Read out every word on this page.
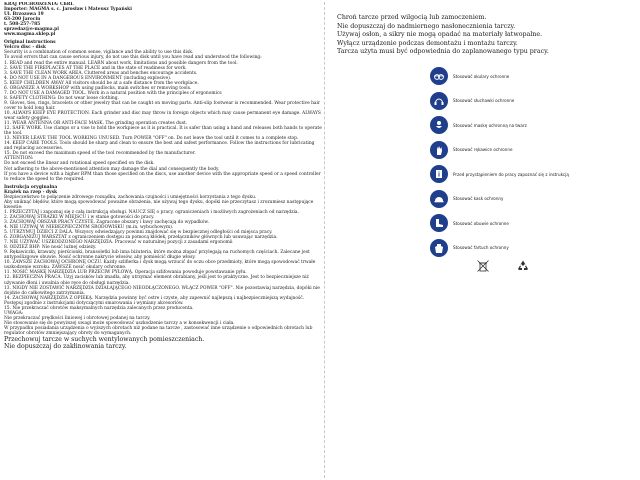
KRAJ POCHODZENIA: ChRL

Importer: MAGMA s. c. Jarosław i Mateusz Typański

Ul. Brzozowa 19

63-200 Jarocin

t. 508-257-785

sprzedaz@e-magma.pl

www.magma.sklep.pl

Original instructions

Velcro disc - disk

Security is a combination of common sense, vigilance and the ability to use this disk.

To avoid errors that can cause serious injury, do not use this disk until you have read and understood the following:

1. READ and read the entire manual. LEARN about work, limitations and possible dangers from the tool.

2. SAVE THE FIREPLACES AT THE PLACE and in the state of readiness for work.

3. SAVE THE CLEAN WORK AREA. Cluttered areas and benches encourage accidents.

4. DO NOT USE IN A DANGEROUS ENVIRONMENT (including explosive).

5. KEEP CHILDREN AWAY All visitors should be at a safe distance from the workplace.

6. ORGANIZE A WORKSHOP with using padlocks, main switches or removing tools.

7. DO NOT USE A DAMAGED TOOL. Work in a natural position with the principles of ergonomics

8. SAFETY CLOTHING: Do not wear loose clothing.

9. Gloves, ties, rings, bracelets or other jewelry that can be caught on moving parts. Anti-slip footwear is recommended. Wear protective hair cover to hold long hair.

10. ALWAYS KEEP EYE PROTECTION. Each grinder and disc may throw in foreign objects which may cause permanent eye damage. ALWAYS wear safety goggles.

11. WEAR ANTENNA OR ANTI-FACE MASK. The grinding operation creates dust.

12. SAFE WORK. Use clamps or a vise to hold the workpiece as it is practical. It is safer than using a hand and releases both hands to operate the tool.

13. NEVER LEAVE THE TOOL WORKING UNUSED. Turn POWER "OFF" on. Do not leave the tool until it comes to a complete stop.

14. KEEP CARE TOOLS. Tools should be sharp and clean to ensure the best and safest performance. Follow the instructions for lubricating and replacing accessories.

15. Do not exceed the maximum speed of the tool recommended by the manufacturer.

ATTENTION:

Do not exceed the linear and rotational speed specified on the disk.

Not adhering to the above-mentioned attention may damage the dial and consequently the body.

If you have a device with a higher RPM than those specified on the discs, use another device with the appropriate speed or a speed controller to reduce the speed to the required.

Instrukcja oryginalna

Krążek na rzep - dysk

Bezpieczeństwo to połączenie zdrowego rozsądku, zachowania czujności i umiejętności korzystania z tego dysku.

Aby uniknąć błędów, które mogą spowodować poważne obrażenia, nie używaj tego dysku, dopóki nie przeczytasz i zrozumiesz następujące kwestie:

1. PRZECZYTAJ i zapoznaj się z całą instrukcją obsługi. NAUCZ SIĘ o pracy, ograniczeniach i możliwych zagrożeniach od narzędzia.

2. ZACHOWAJ STRAŻKI W MIEJSCU i w stanie gotowości do pracy.

3. ZACHOWAJ OBSZAR PRACY CZYSTE. Zagracone obszary i ławy zachęcają do wypadków.

4. NIE UŻYWAJ W NIEBEZPIECZNYM ŚRODOWISKU (m.in. wybuchowym).

5. UTRZYMUJ DZIECI Z DALA. Wszyscy odwiedzający powinni znajdować się w bezpiecznej odległości od miejsca pracy.

6. ZORGANIZUJ WARSZTAT z ograniczeniem dostępu za pomocą kłódek, przełączników głównych lub usuwając narzędzia.

7. NIE UŻYWAĆ USZKODZONEGO NARZĘDZIA. Pracować w naturalnej pozycji z zasadami ergonomii

8. ODZIEŻ BHP: Nie nosić luźnej odzieży.

9. Rękawiczki, krawaty, pierścionki, bransoletki lub inna biżuteria, które można złapać przylegają na ruchomych częściach. Zalecane jest antypoślizgowe obuwie. Nosić ochronne nakrycie włosów, aby pomieścić długie włosy.

10. ZAWSZE ZACHOWAJ OCHRONĘ OCZU. Każdy szlifierka i dysk mogą wrzucić do oczu obce przedmioty, które mogą spowodować trwałe uszkodzenie wzroku. ZAWSZE nosić okulary ochronne.

11. NOSIĆ MASKĘ NARZĘDZIA LUB PRZECIW PYŁOWĄ. Operacja szlifowania powoduje powstawanie pyłu.

12. BEZPIECZNA PRACA. Użyj zacisków lub imadła, aby utrzymać element obrabiany, jeśli jest to praktyczne. Jest to bezpieczniejsze niż używanie dłoni i uwalnia obie ręce do obsługi narzędzia.

13. NIGDY NIE ZOSTAWIĆ NARZĘDZIA DZIAŁAJĄCEGO NIEODŁĄCZONEGO. WŁĄCZ POWER "OFF". Nie pozostawiaj narzędzia, dopóki nie dojdzie do całkowitego zatrzymania.

14. ZACHOWAJ NARZĘDZIA Z OPIEKĄ. Narzędzia powinny być ostre i czyste, aby zapewnić najlepszą i najbezpieczniejszą wydajność. Postępuj zgodnie z instrukcjami dotyczącymi smarowania i wymiany akcesoriów.

15. Nie przekraczać obrotów maksymalnych narzędzia zalecanych przez producenta.

UWAGA:

Nie przekraczać prędkości liniowej i obrotowej podanej na tarczy.

Nie stosowanie się do powyższej uwagi może spowodować uszkodzenie tarczy a w konsekwencji i ciała.

W przypadku posiadania urządzenia o wyższych obrotach niż podane na tarcze , zastosować inne urządzenie o odpowiednich obrotach lub regulator obrotów zmniejszający obroty do wymaganych.

Przechowuj tarcze w suchych wentylowanych pomieszczeniach.

Nie dopuszczaj do zakłinowania tarczy.

Chroń tarcze przed wilgocią lub zamoczeniem.

Nie dopuszczaj do nadmiernego nasłonecznienia tarczy.

Używaj osłon, a sikry nie mogą opadać na materiały łatwopalne.

Wyłącz urządzenie podczas demontażu i montażu tarczy.

Tarcza użyta musi być odpowiednia do zaplanowanego typu pracy.

Stosować okulary ochronne
Stosować słuchawki ochronne
Stosować maskę ochronną na twarz
Stosować rękawice ochronne
Przed przystąpieniem do pracy zapoznać się z instrukcją
Stosować kask ochronny
Stosować obuwie ochronne
Stosować fartuch ochronny
